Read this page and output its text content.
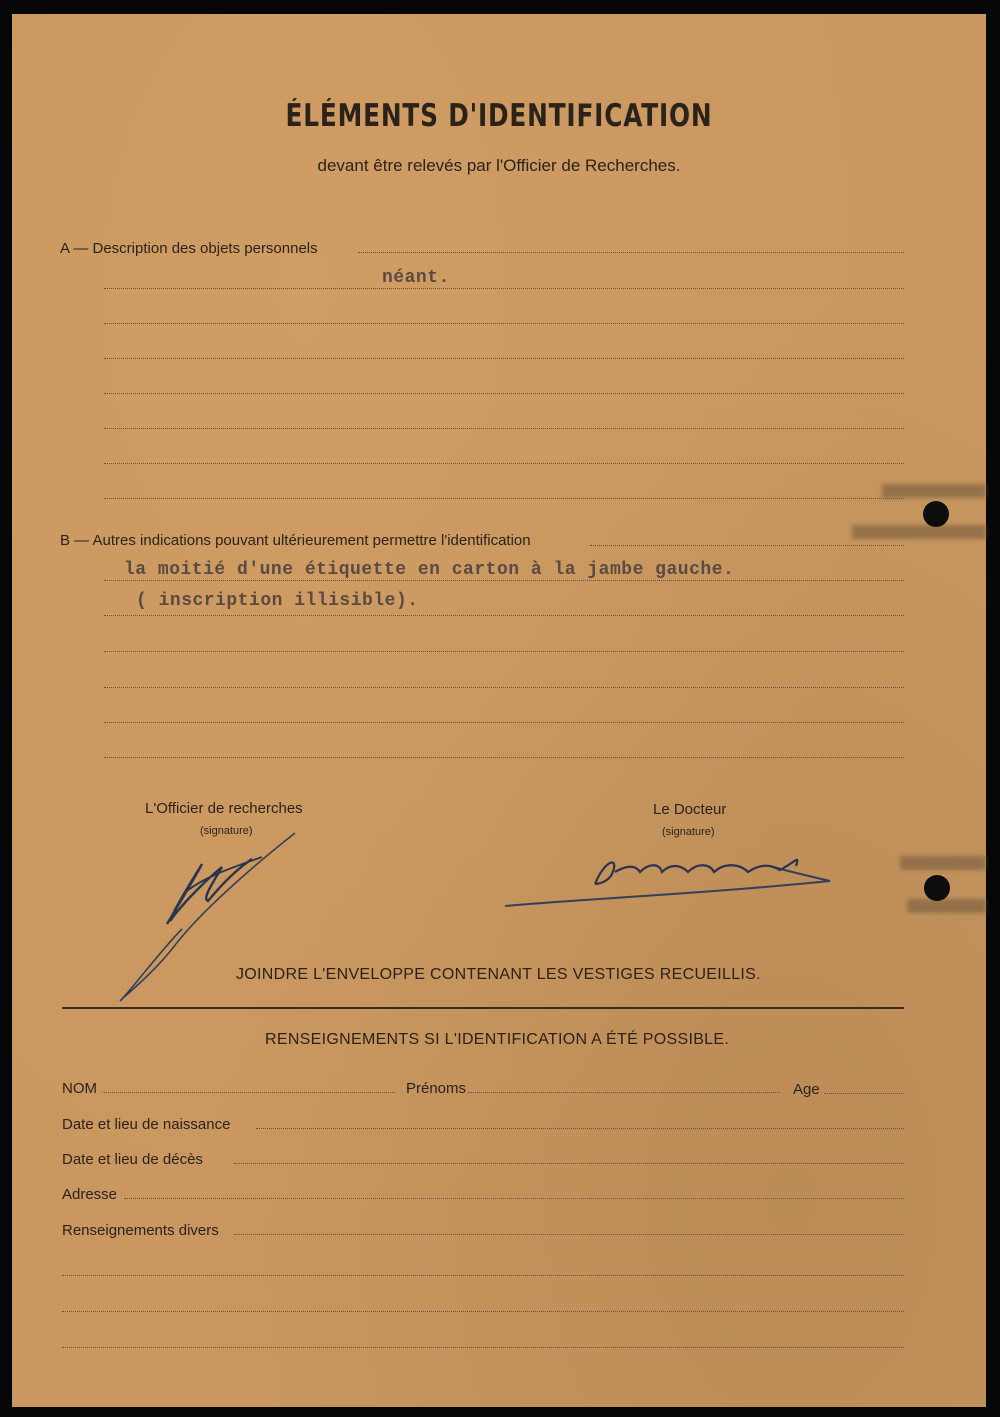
ÉLÉMENTS D'IDENTIFICATION
devant être relevés par l'Officier de Recherches.
A — Description des objets personnels
néant.
B — Autres indications pouvant ultérieurement permettre l'identification
la moitié d'une étiquette en carton à la jambe gauche.
( inscription illisible).
L'Officier de recherches
(signature)
Le Docteur
(signature)
JOINDRE L'ENVELOPPE CONTENANT LES VESTIGES RECUEILLIS.
RENSEIGNEMENTS SI L'IDENTIFICATION A ÉTÉ POSSIBLE.
NOM	Prénoms	Age
Date et lieu de naissance
Date et lieu de décès
Adresse
Renseignements divers
